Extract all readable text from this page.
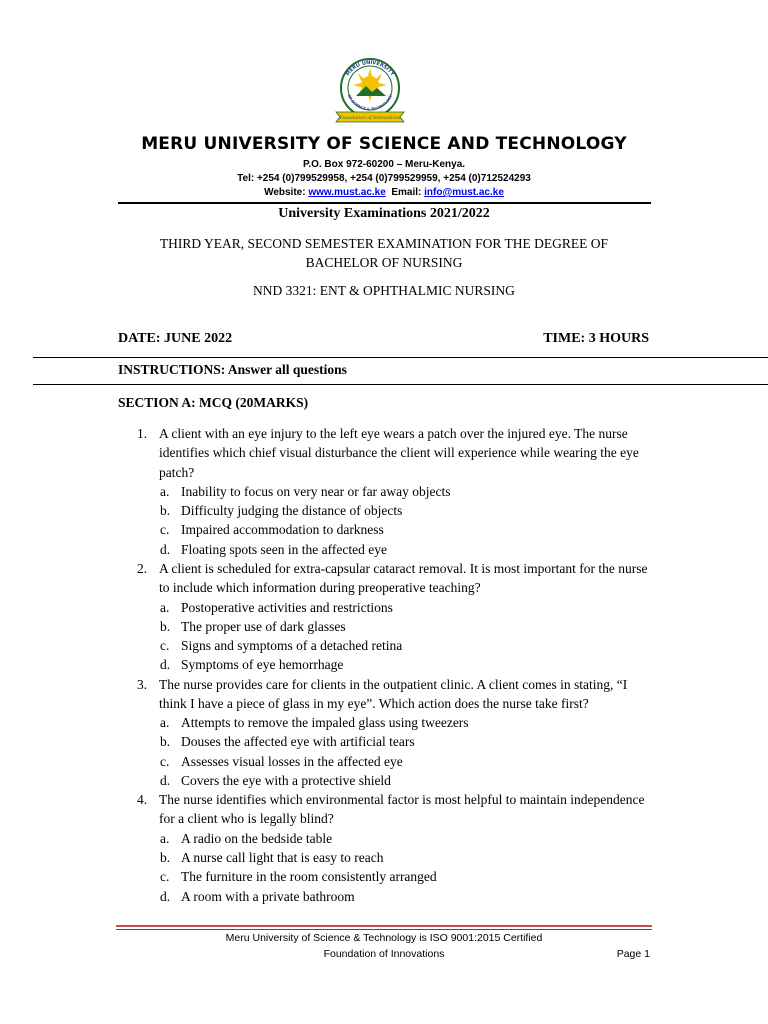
MERU UNIVERSITY
OF SCIENCE & TECHNOLOGY
Foundation of Innovations
MERU UNIVERSITY OF SCIENCE AND TECHNOLOGY
P.O. Box 972-60200 – Meru-Kenya.
Tel: +254 (0)799529958, +254 (0)799529959, +254 (0)712524293
Website: www.must.ac.ke Email: info@must.ac.ke
University Examinations 2021/2022
THIRD YEAR, SECOND SEMESTER EXAMINATION FOR THE DEGREE OF
BACHELOR OF NURSING
NND 3321: ENT & OPHTHALMIC NURSING
DATE: JUNE 2022	TIME: 3 HOURS
INSTRUCTIONS: Answer all questions
SECTION A: MCQ (20MARKS)
1. A client with an eye injury to the left eye wears a patch over the injured eye. The nurse identifies which chief visual disturbance the client will experience while wearing the eye patch?
a. Inability to focus on very near or far away objects
b. Difficulty judging the distance of objects
c. Impaired accommodation to darkness
d. Floating spots seen in the affected eye
2. A client is scheduled for extra-capsular cataract removal. It is most important for the nurse to include which information during preoperative teaching?
a. Postoperative activities and restrictions
b. The proper use of dark glasses
c. Signs and symptoms of a detached retina
d. Symptoms of eye hemorrhage
3. The nurse provides care for clients in the outpatient clinic. A client comes in stating, “I think I have a piece of glass in my eye”. Which action does the nurse take first?
a. Attempts to remove the impaled glass using tweezers
b. Douses the affected eye with artificial tears
c. Assesses visual losses in the affected eye
d. Covers the eye with a protective shield
4. The nurse identifies which environmental factor is most helpful to maintain independence for a client who is legally blind?
a. A radio on the bedside table
b. A nurse call light that is easy to reach
c. The furniture in the room consistently arranged
d. A room with a private bathroom
Meru University of Science & Technology is ISO 9001:2015 Certified
Foundation of Innovations	Page 1
